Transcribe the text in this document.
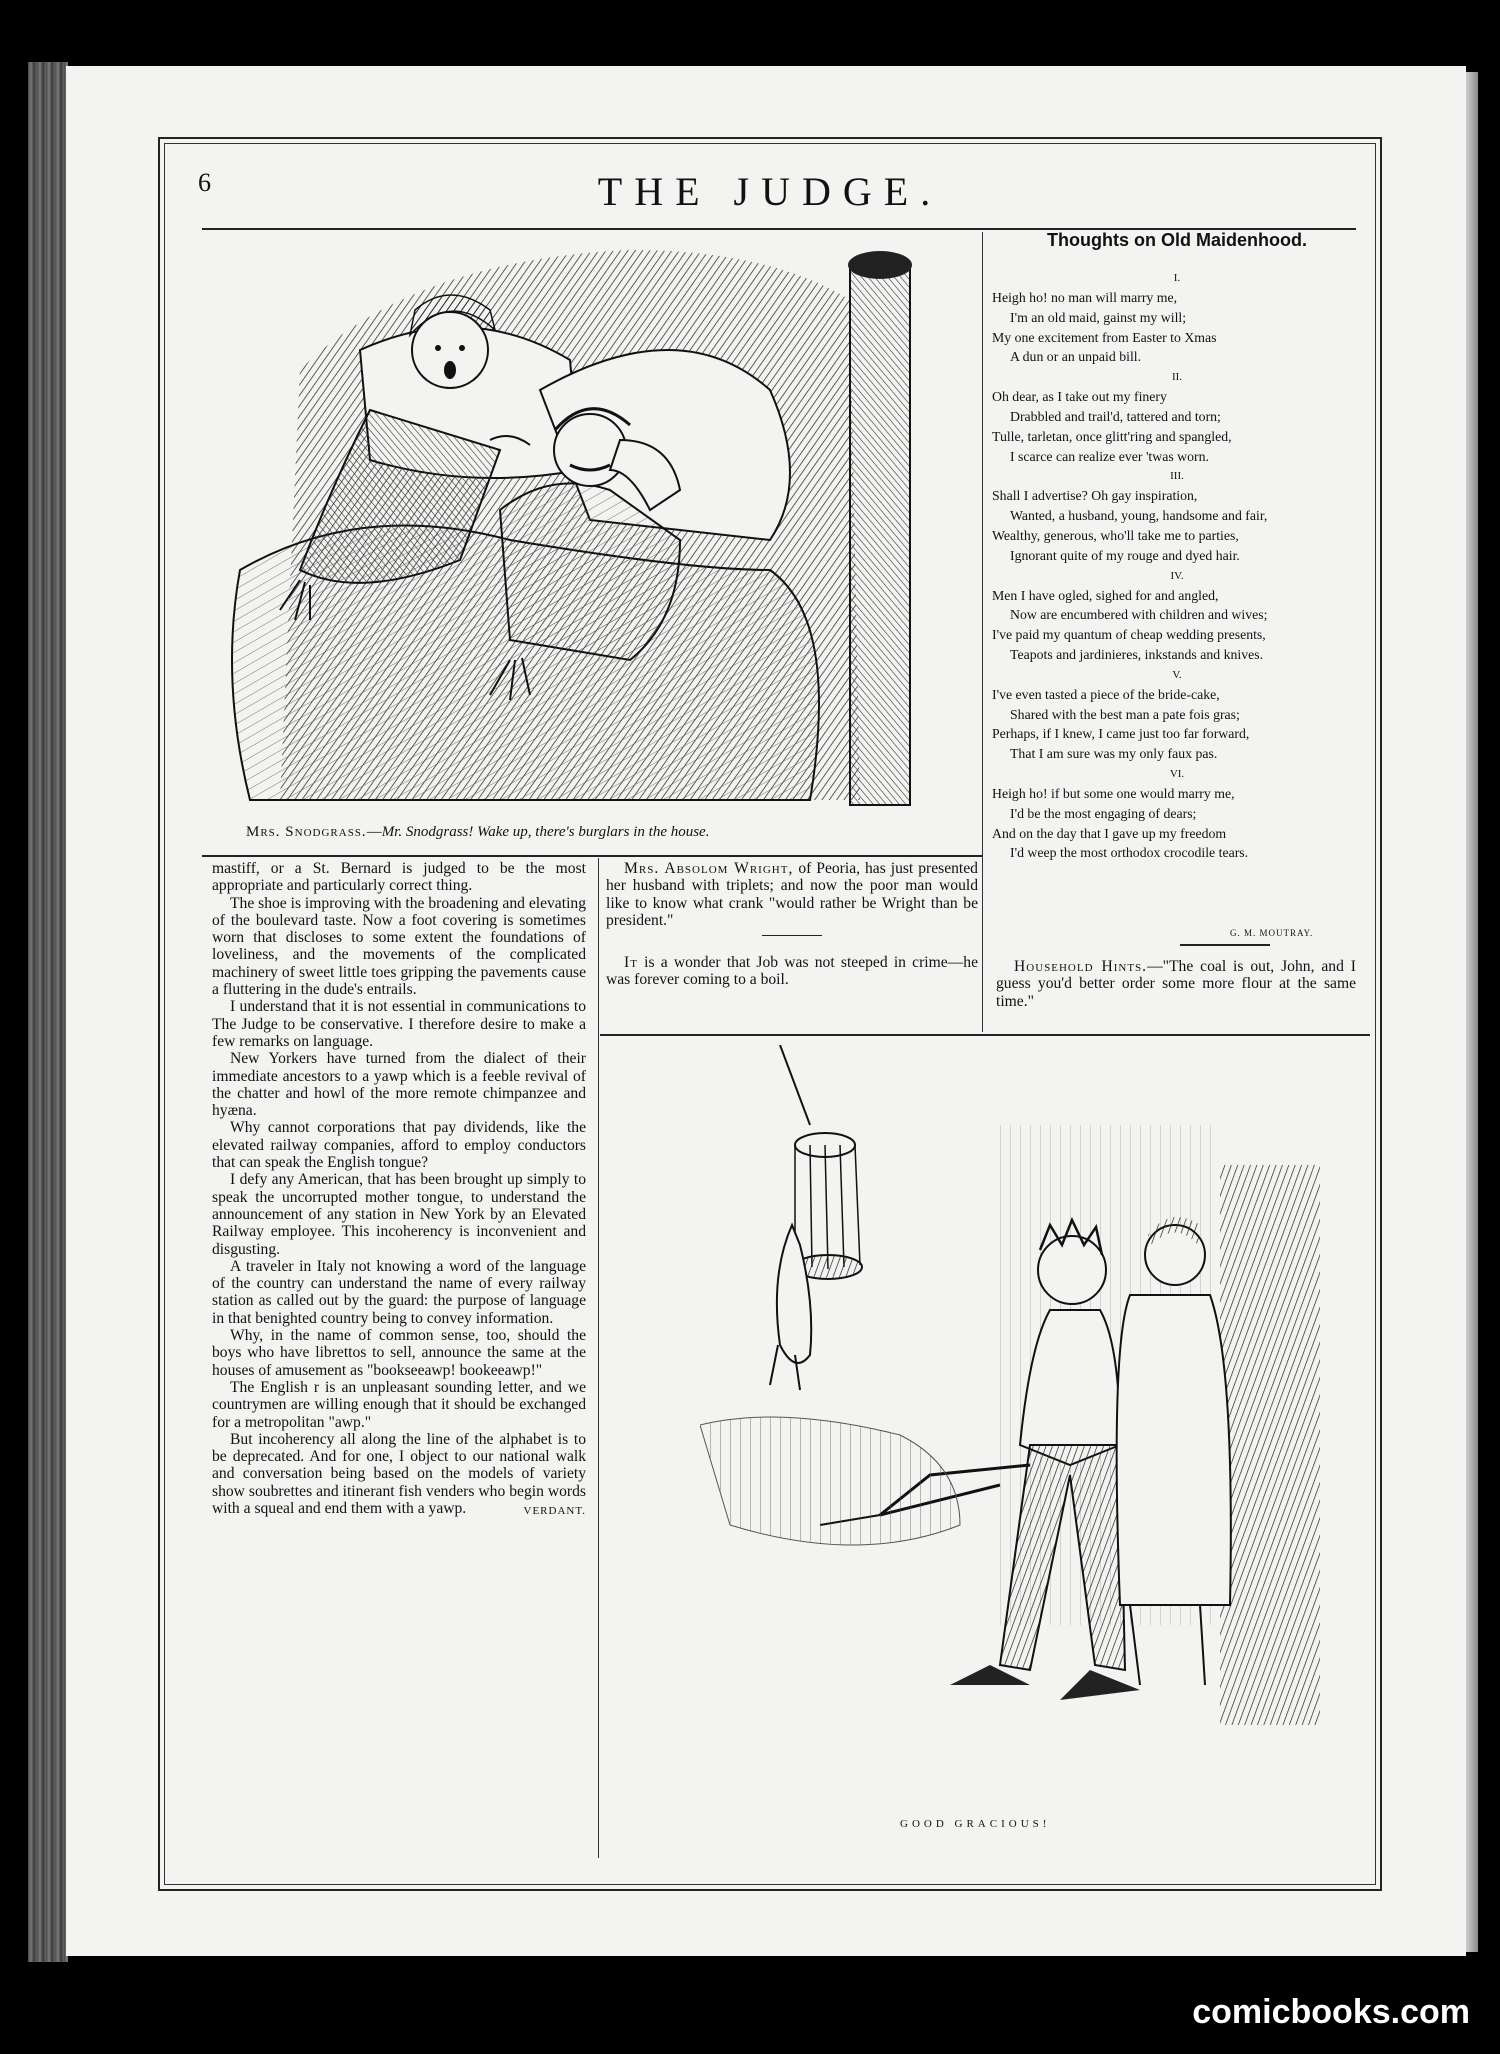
6	THE JUDGE.
Mrs. Snodgrass.—Mr. Snodgrass! Wake up, there's burglars in the house.
Thoughts on Old Maidenhood.
I.
Heigh ho! no man will marry me,
I'm an old maid, gainst my will;
My one excitement from Easter to Xmas
A dun or an unpaid bill.
II.
Oh dear, as I take out my finery
Drabbled and trail'd, tattered and torn;
Tulle, tarletan, once glitt'ring and spangled,
I scarce can realize ever 'twas worn.
III.
Shall I advertise? Oh gay inspiration,
Wanted, a husband, young, handsome and fair,
Wealthy, generous, who'll take me to parties,
Ignorant quite of my rouge and dyed hair.
IV.
Men I have ogled, sighed for and angled,
Now are encumbered with children and wives;
I've paid my quantum of cheap wedding presents,
Teapots and jardinieres, inkstands and knives.
V.
I've even tasted a piece of the bride-cake,
Shared with the best man a pate fois gras;
Perhaps, if I knew, I came just too far forward,
That I am sure was my only faux pas.
VI.
Heigh ho! if but some one would marry me,
I'd be the most engaging of dears;
And on the day that I gave up my freedom
I'd weep the most orthodox crocodile tears.
G. M. MOUTRAY.

Household Hints.—"The coal is out, John, and I guess you'd better order some more flour at the same time."

Mrs. Absolom Wright, of Peoria, has just presented her husband with triplets; and now the poor man would like to know what crank "would rather be Wright than be president."

It is a wonder that Job was not steeped in crime—he was forever coming to a boil.

mastiff, or a St. Bernard is judged to be the most appropriate and particularly correct thing.

The shoe is improving with the broadening and elevating of the boulevard taste. Now a foot covering is sometimes worn that discloses to some extent the foundations of loveliness, and the movements of the complicated machinery of sweet little toes gripping the pavements cause a fluttering in the dude's entrails.

I understand that it is not essential in communications to The Judge to be conservative. I therefore desire to make a few remarks on language.

New Yorkers have turned from the dialect of their immediate ancestors to a yawp which is a feeble revival of the chatter and howl of the more remote chimpanzee and hyæna.

Why cannot corporations that pay dividends, like the elevated railway companies, afford to employ conductors that can speak the English tongue?

I defy any American, that has been brought up simply to speak the uncorrupted mother tongue, to understand the announcement of any station in New York by an Elevated Railway employee. This incoherency is inconvenient and disgusting.

A traveler in Italy not knowing a word of the language of the country can understand the name of every railway station as called out by the guard: the purpose of language in that benighted country being to convey information.

Why, in the name of common sense, too, should the boys who have librettos to sell, announce the same at the houses of amusement as "bookseeawp! bookeeawp!"

The English r is an unpleasant sounding letter, and we countrymen are willing enough that it should be exchanged for a metropolitan "awp."

But incoherency all along the line of the alphabet is to be deprecated. And for one, I object to our national walk and conversation being based on the models of variety show soubrettes and itinerant fish venders who begin words with a squeal and end them with a yawp.	VERDANT.
GOOD GRACIOUS!
comicbooks.com
